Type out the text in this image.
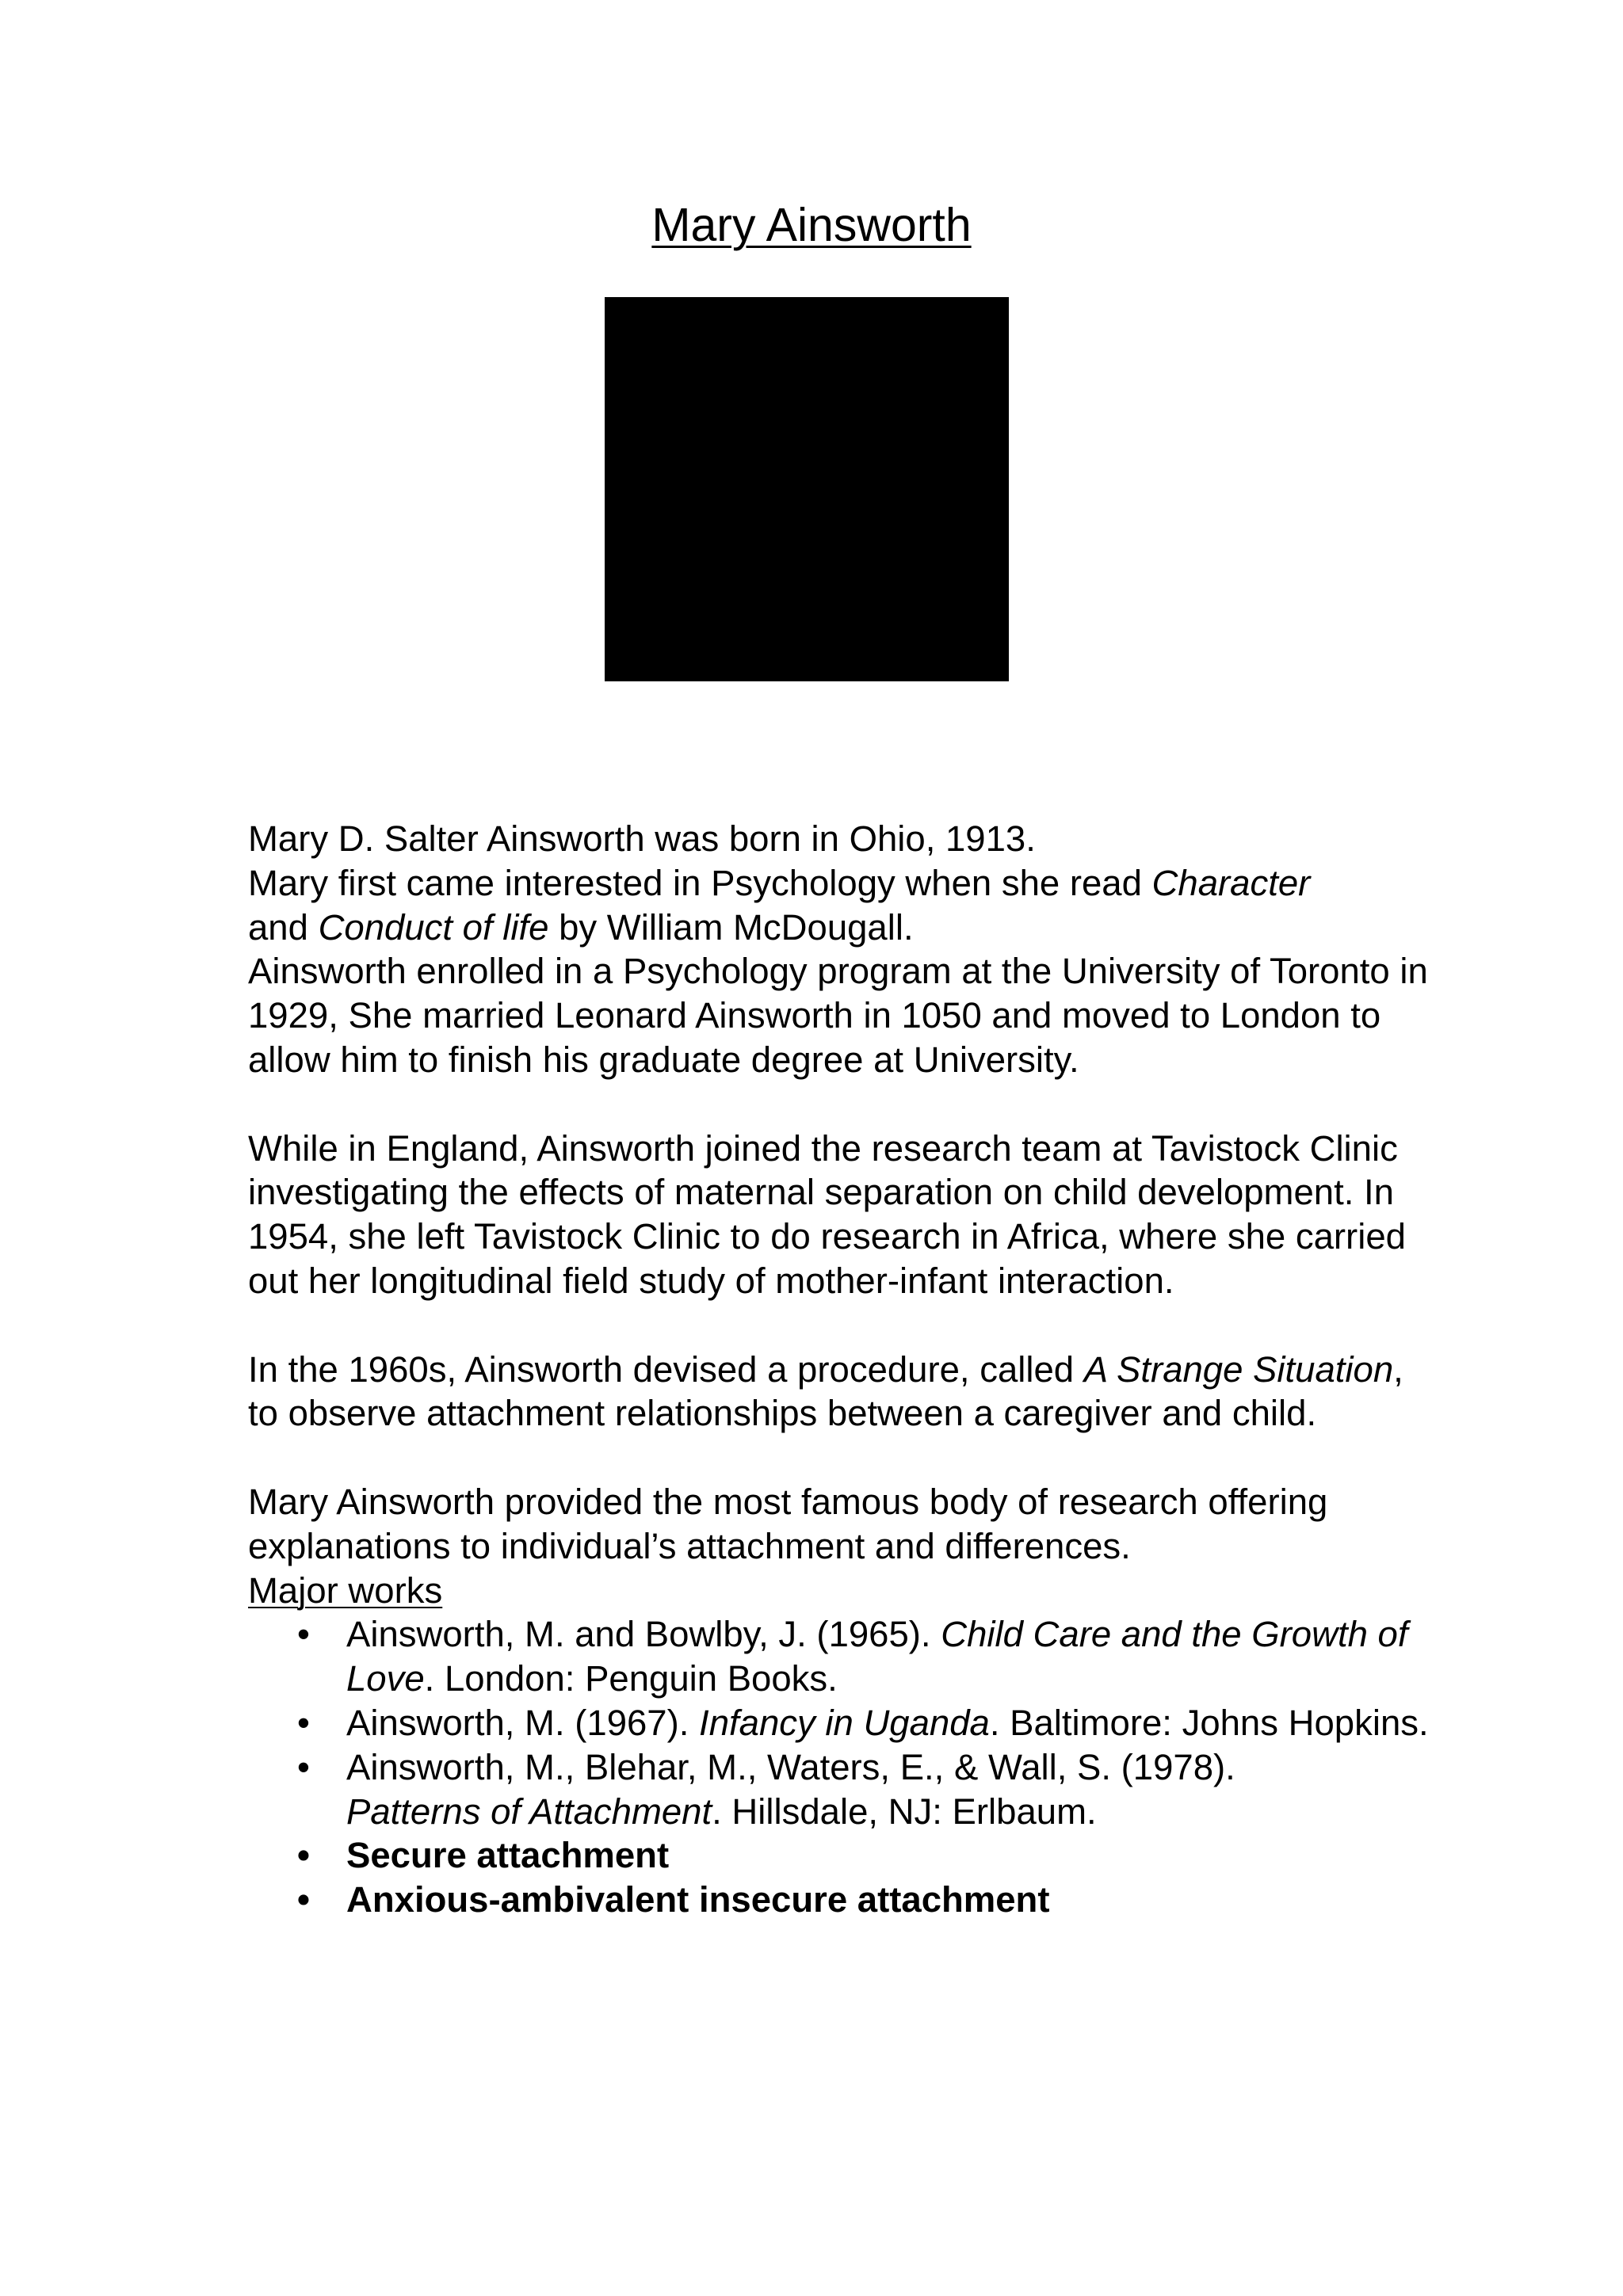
Mary Ainsworth

Mary D. Salter Ainsworth was born in Ohio, 1913.

Mary first came interested in Psychology when she read Character
and Conduct of life by William McDougall.

Ainsworth enrolled in a Psychology program at the University of Toronto in 1929, She married Leonard Ainsworth in 1050 and moved to London to allow him to finish his graduate degree at University.

While in England, Ainsworth joined the research team at Tavistock Clinic investigating the effects of maternal separation on child development. In 1954, she left Tavistock Clinic to do research in Africa, where she carried out her longitudinal field study of mother-infant interaction.

In the 1960s, Ainsworth devised a procedure, called A Strange Situation, to observe attachment relationships between a caregiver and child.

Mary Ainsworth provided the most famous body of research offering explanations to individual’s attachment and differences.

Major works

• Ainsworth, M. and Bowlby, J. (1965). Child Care and the Growth of Love. London: Penguin Books.
• Ainsworth, M. (1967). Infancy in Uganda. Baltimore: Johns Hopkins.
• Ainsworth, M., Blehar, M., Waters, E., & Wall, S. (1978).
Patterns of Attachment. Hillsdale, NJ: Erlbaum.
• Secure attachment
• Anxious-ambivalent insecure attachment
